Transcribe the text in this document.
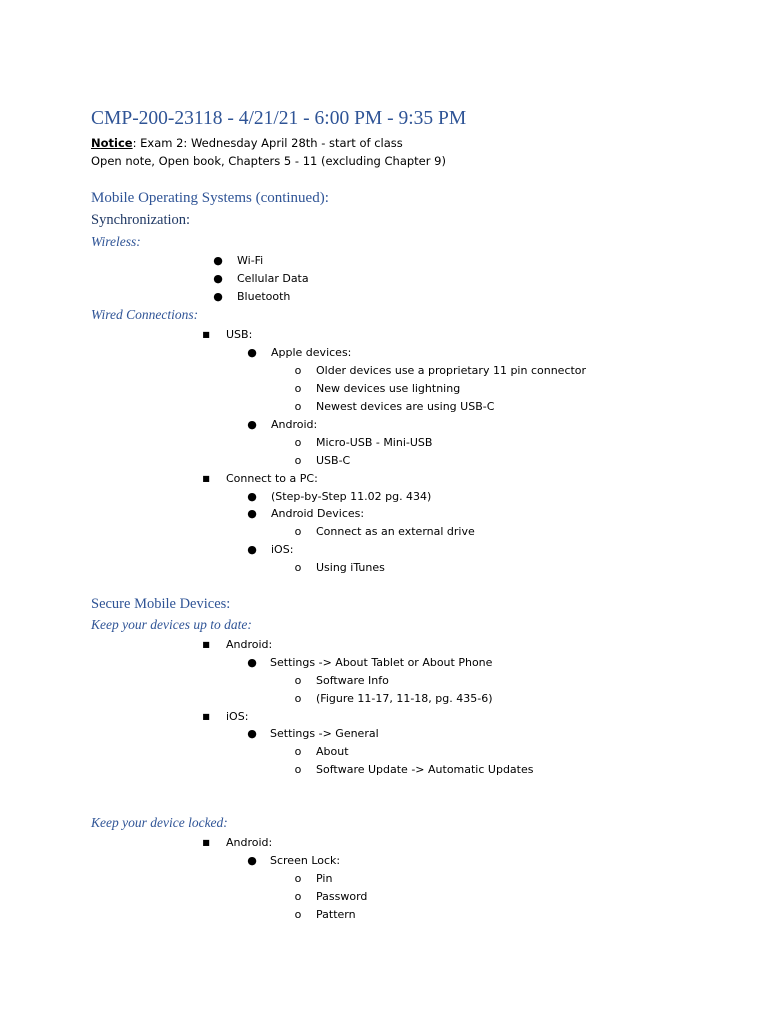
CMP-200-23118 - 4/21/21 - 6:00 PM - 9:35 PM
Notice: Exam 2: Wednesday April 28th - start of class
Open note, Open book, Chapters 5 - 11 (excluding Chapter 9)
Mobile Operating Systems (continued):
Synchronization:
Wireless:
● Wi-Fi
● Cellular Data
● Bluetooth
Wired Connections:
■ USB:
● Apple devices:
o Older devices use a proprietary 11 pin connector
o New devices use lightning
o Newest devices are using USB-C
● Android:
o Micro-USB - Mini-USB
o USB-C
■ Connect to a PC:
● (Step-by-Step 11.02 pg. 434)
● Android Devices:
o Connect as an external drive
● iOS:
o Using iTunes
Secure Mobile Devices:
Keep your devices up to date:
■ Android:
● Settings -> About Tablet or About Phone
o Software Info
o (Figure 11-17, 11-18, pg. 435-6)
■ iOS:
● Settings -> General
o About
o Software Update -> Automatic Updates
Keep your device locked:
■ Android:
● Screen Lock:
o Pin
o Password
o Pattern
